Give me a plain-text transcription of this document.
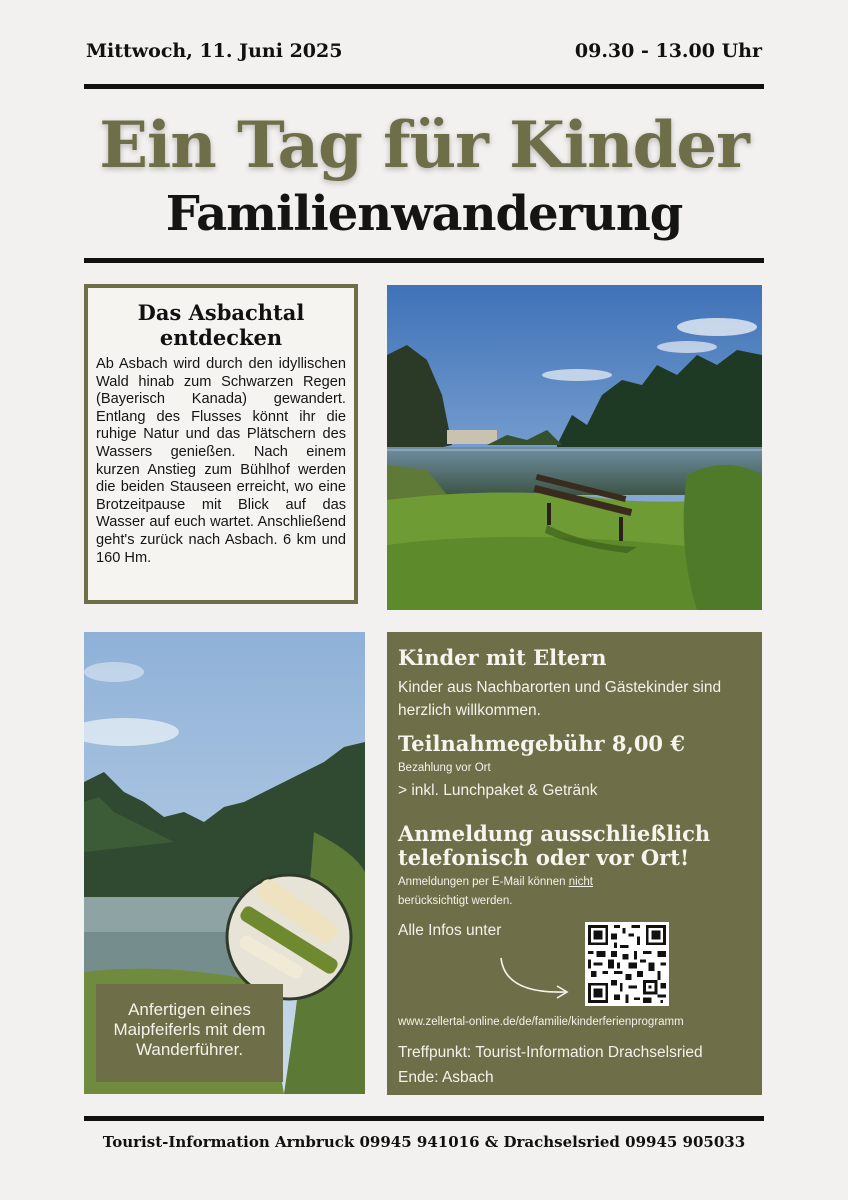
Mittwoch, 11. Juni 2025	09.30 - 13.00 Uhr
Ein Tag für Kinder
Familienwanderung
Das Asbachtal entdecken

Ab Asbach wird durch den idyllischen Wald hinab zum Schwarzen Regen (Bayerisch Kanada) gewandert. Entlang des Flusses könnt ihr die ruhige Natur und das Plätschern des Wassers genießen. Nach einem kurzen Anstieg zum Bühlhof werden die beiden Stauseen erreicht, wo eine Brotzeitpause mit Blick auf das Wasser auf euch wartet. Anschließend geht's zurück nach Asbach. 6 km und 160 Hm.

Anfertigen eines Maipfeiferls mit dem Wanderführer.
Kinder mit Eltern
Kinder aus Nachbarorten und Gästekinder sind herzlich willkommen.
Teilnahmegebühr 8,00 €
Bezahlung vor Ort
> inkl. Lunchpaket & Getränk
Anmeldung ausschließlich telefonisch oder vor Ort!
Anmeldungen per E-Mail können nicht berücksichtigt werden.
Alle Infos unter
www.zellertal-online.de/de/familie/kinderferienprogramm
Treffpunkt: Tourist-Information Drachselsried
Ende: Asbach
Tourist-Information Arnbruck 09945 941016 & Drachselsried 09945 905033
